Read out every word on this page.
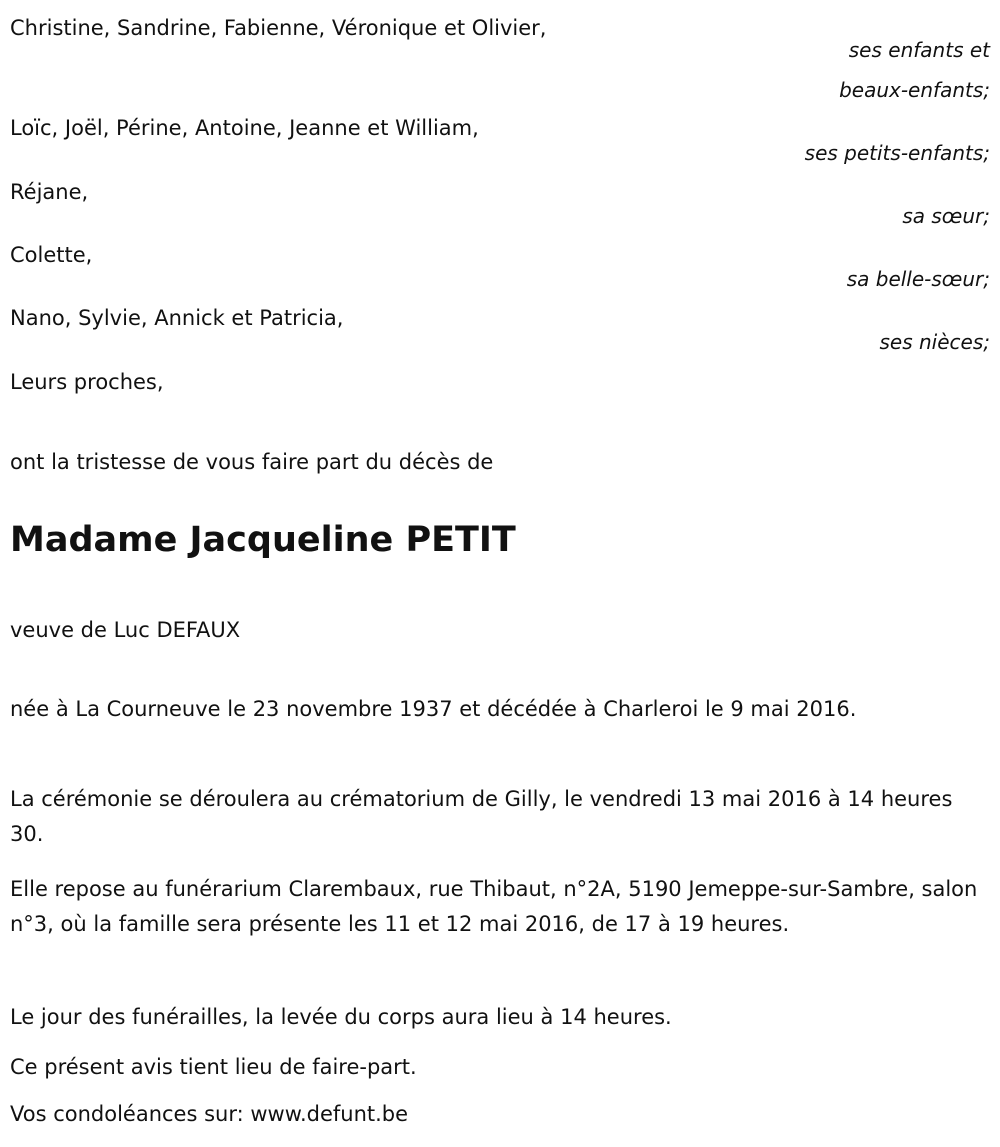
Christine, Sandrine, Fabienne, Véronique et Olivier,
ses enfants et
beaux-enfants;
Loïc, Joël, Périne, Antoine, Jeanne et William,
ses petits-enfants;
Réjane,
sa sœur;
Colette,
sa belle-sœur;
Nano, Sylvie, Annick et Patricia,
ses nièces;
Leurs proches,
ont la tristesse de vous faire part du décès de
Madame Jacqueline PETIT
veuve de Luc DEFAUX
née à La Courneuve le 23 novembre 1937 et décédée à Charleroi le 9 mai 2016.
La cérémonie se déroulera au crématorium de Gilly, le vendredi 13 mai 2016 à 14 heures 30.
Elle repose au funérarium Clarembaux, rue Thibaut, n°2A, 5190 Jemeppe-sur-Sambre, salon n°3, où la famille sera présente les 11 et 12 mai 2016, de 17 à 19 heures.
Le jour des funérailles, la levée du corps aura lieu à 14 heures.
Ce présent avis tient lieu de faire-part.
Vos condoléances sur: www.defunt.be
